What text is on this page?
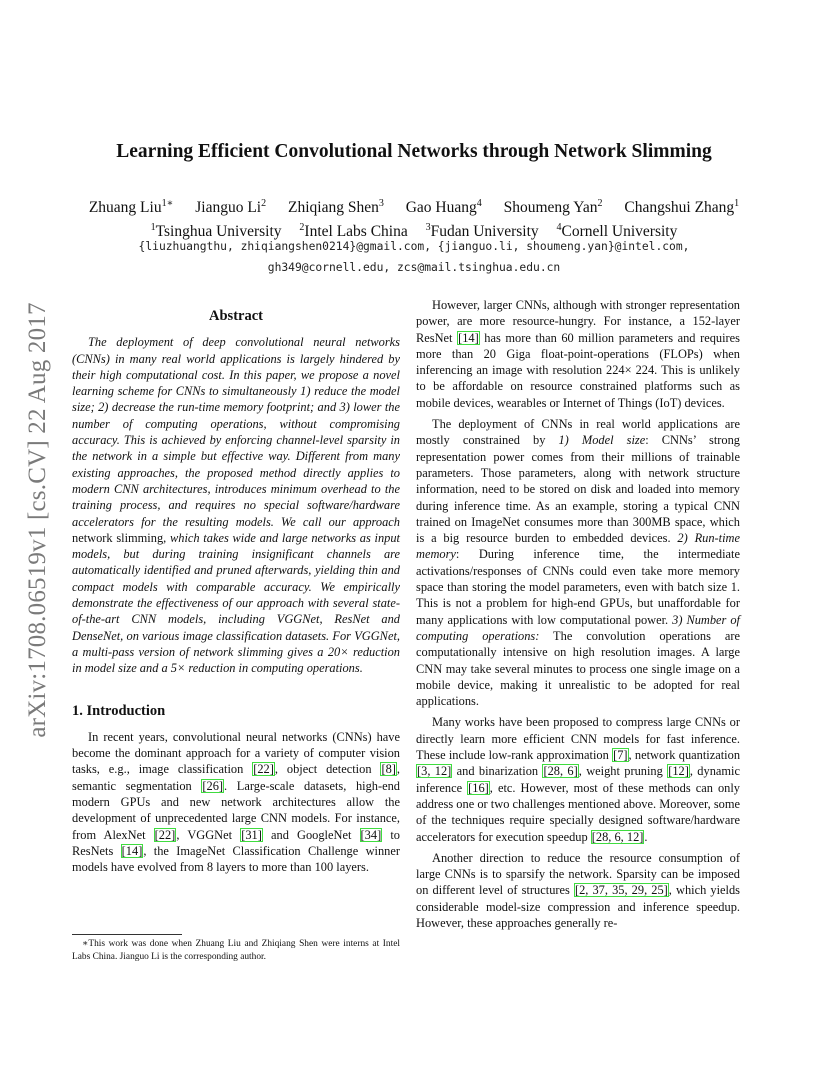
arXiv:1708.06519v1 [cs.CV] 22 Aug 2017
Learning Efficient Convolutional Networks through Network Slimming
Zhuang Liu$^{1∗}$ Jianguo Li$^2$ Zhiqiang Shen$^3$ Gao Huang$^4$ Shoumeng Yan$^2$ Changshui Zhang$^1$
$^1$Tsinghua University $^2$Intel Labs China $^3$Fudan University $^4$Cornell University
{liuzhuangthu, zhiqiangshen0214}@gmail.com, {jianguo.li, shoumeng.yan}@intel.com,
gh349@cornell.edu, zcs@mail.tsinghua.edu.cn
Abstract

The deployment of deep convolutional neural networks (CNNs) in many real world applications is largely hindered by their high computational cost. In this paper, we propose a novel learning scheme for CNNs to simultaneously 1) reduce the model size; 2) decrease the run-time memory footprint; and 3) lower the number of computing operations, without compromising accuracy. This is achieved by enforcing channel-level sparsity in the network in a simple but effective way. Different from many existing approaches, the proposed method directly applies to modern CNN architectures, introduces minimum overhead to the training process, and requires no special software/hardware accelerators for the resulting models. We call our approach network slimming, which takes wide and large networks as input models, but during training insignificant channels are automatically identified and pruned afterwards, yielding thin and compact models with comparable accuracy. We empirically demonstrate the effectiveness of our approach with several state-of-the-art CNN models, including VGGNet, ResNet and DenseNet, on various image classification datasets. For VGGNet, a multi-pass version of network slimming gives a 20× reduction in model size and a 5× reduction in computing operations.

1. Introduction

In recent years, convolutional neural networks (CNNs) have become the dominant approach for a variety of computer vision tasks, e.g., image classification [22], object detection [8], semantic segmentation [26]. Large-scale datasets, high-end modern GPUs and new network architectures allow the development of unprecedented large CNN models. For instance, from AlexNet [22], VGGNet [31] and GoogleNet [34] to ResNets [14], the ImageNet Classification Challenge winner models have evolved from 8 layers to more than 100 layers.

∗This work was done when Zhuang Liu and Zhiqiang Shen were interns at Intel Labs China. Jianguo Li is the corresponding author.

However, larger CNNs, although with stronger representation power, are more resource-hungry. For instance, a 152-layer ResNet [14] has more than 60 million parameters and requires more than 20 Giga float-point-operations (FLOPs) when inferencing an image with resolution 224× 224. This is unlikely to be affordable on resource constrained platforms such as mobile devices, wearables or Internet of Things (IoT) devices.

The deployment of CNNs in real world applications are mostly constrained by 1) Model size: CNNs’ strong representation power comes from their millions of trainable parameters. Those parameters, along with network structure information, need to be stored on disk and loaded into memory during inference time. As an example, storing a typical CNN trained on ImageNet consumes more than 300MB space, which is a big resource burden to embedded devices. 2) Run-time memory: During inference time, the intermediate activations/responses of CNNs could even take more memory space than storing the model parameters, even with batch size 1. This is not a problem for high-end GPUs, but unaffordable for many applications with low computational power. 3) Number of computing operations: The convolution operations are computationally intensive on high resolution images. A large CNN may take several minutes to process one single image on a mobile device, making it unrealistic to be adopted for real applications.

Many works have been proposed to compress large CNNs or directly learn more efficient CNN models for fast inference. These include low-rank approximation [7], network quantization [3, 12] and binarization [28, 6], weight pruning [12], dynamic inference [16], etc. However, most of these methods can only address one or two challenges mentioned above. Moreover, some of the techniques require specially designed software/hardware accelerators for execution speedup [28, 6, 12].

Another direction to reduce the resource consumption of large CNNs is to sparsify the network. Sparsity can be imposed on different level of structures [2, 37, 35, 29, 25], which yields considerable model-size compression and inference speedup. However, these approaches generally re-
